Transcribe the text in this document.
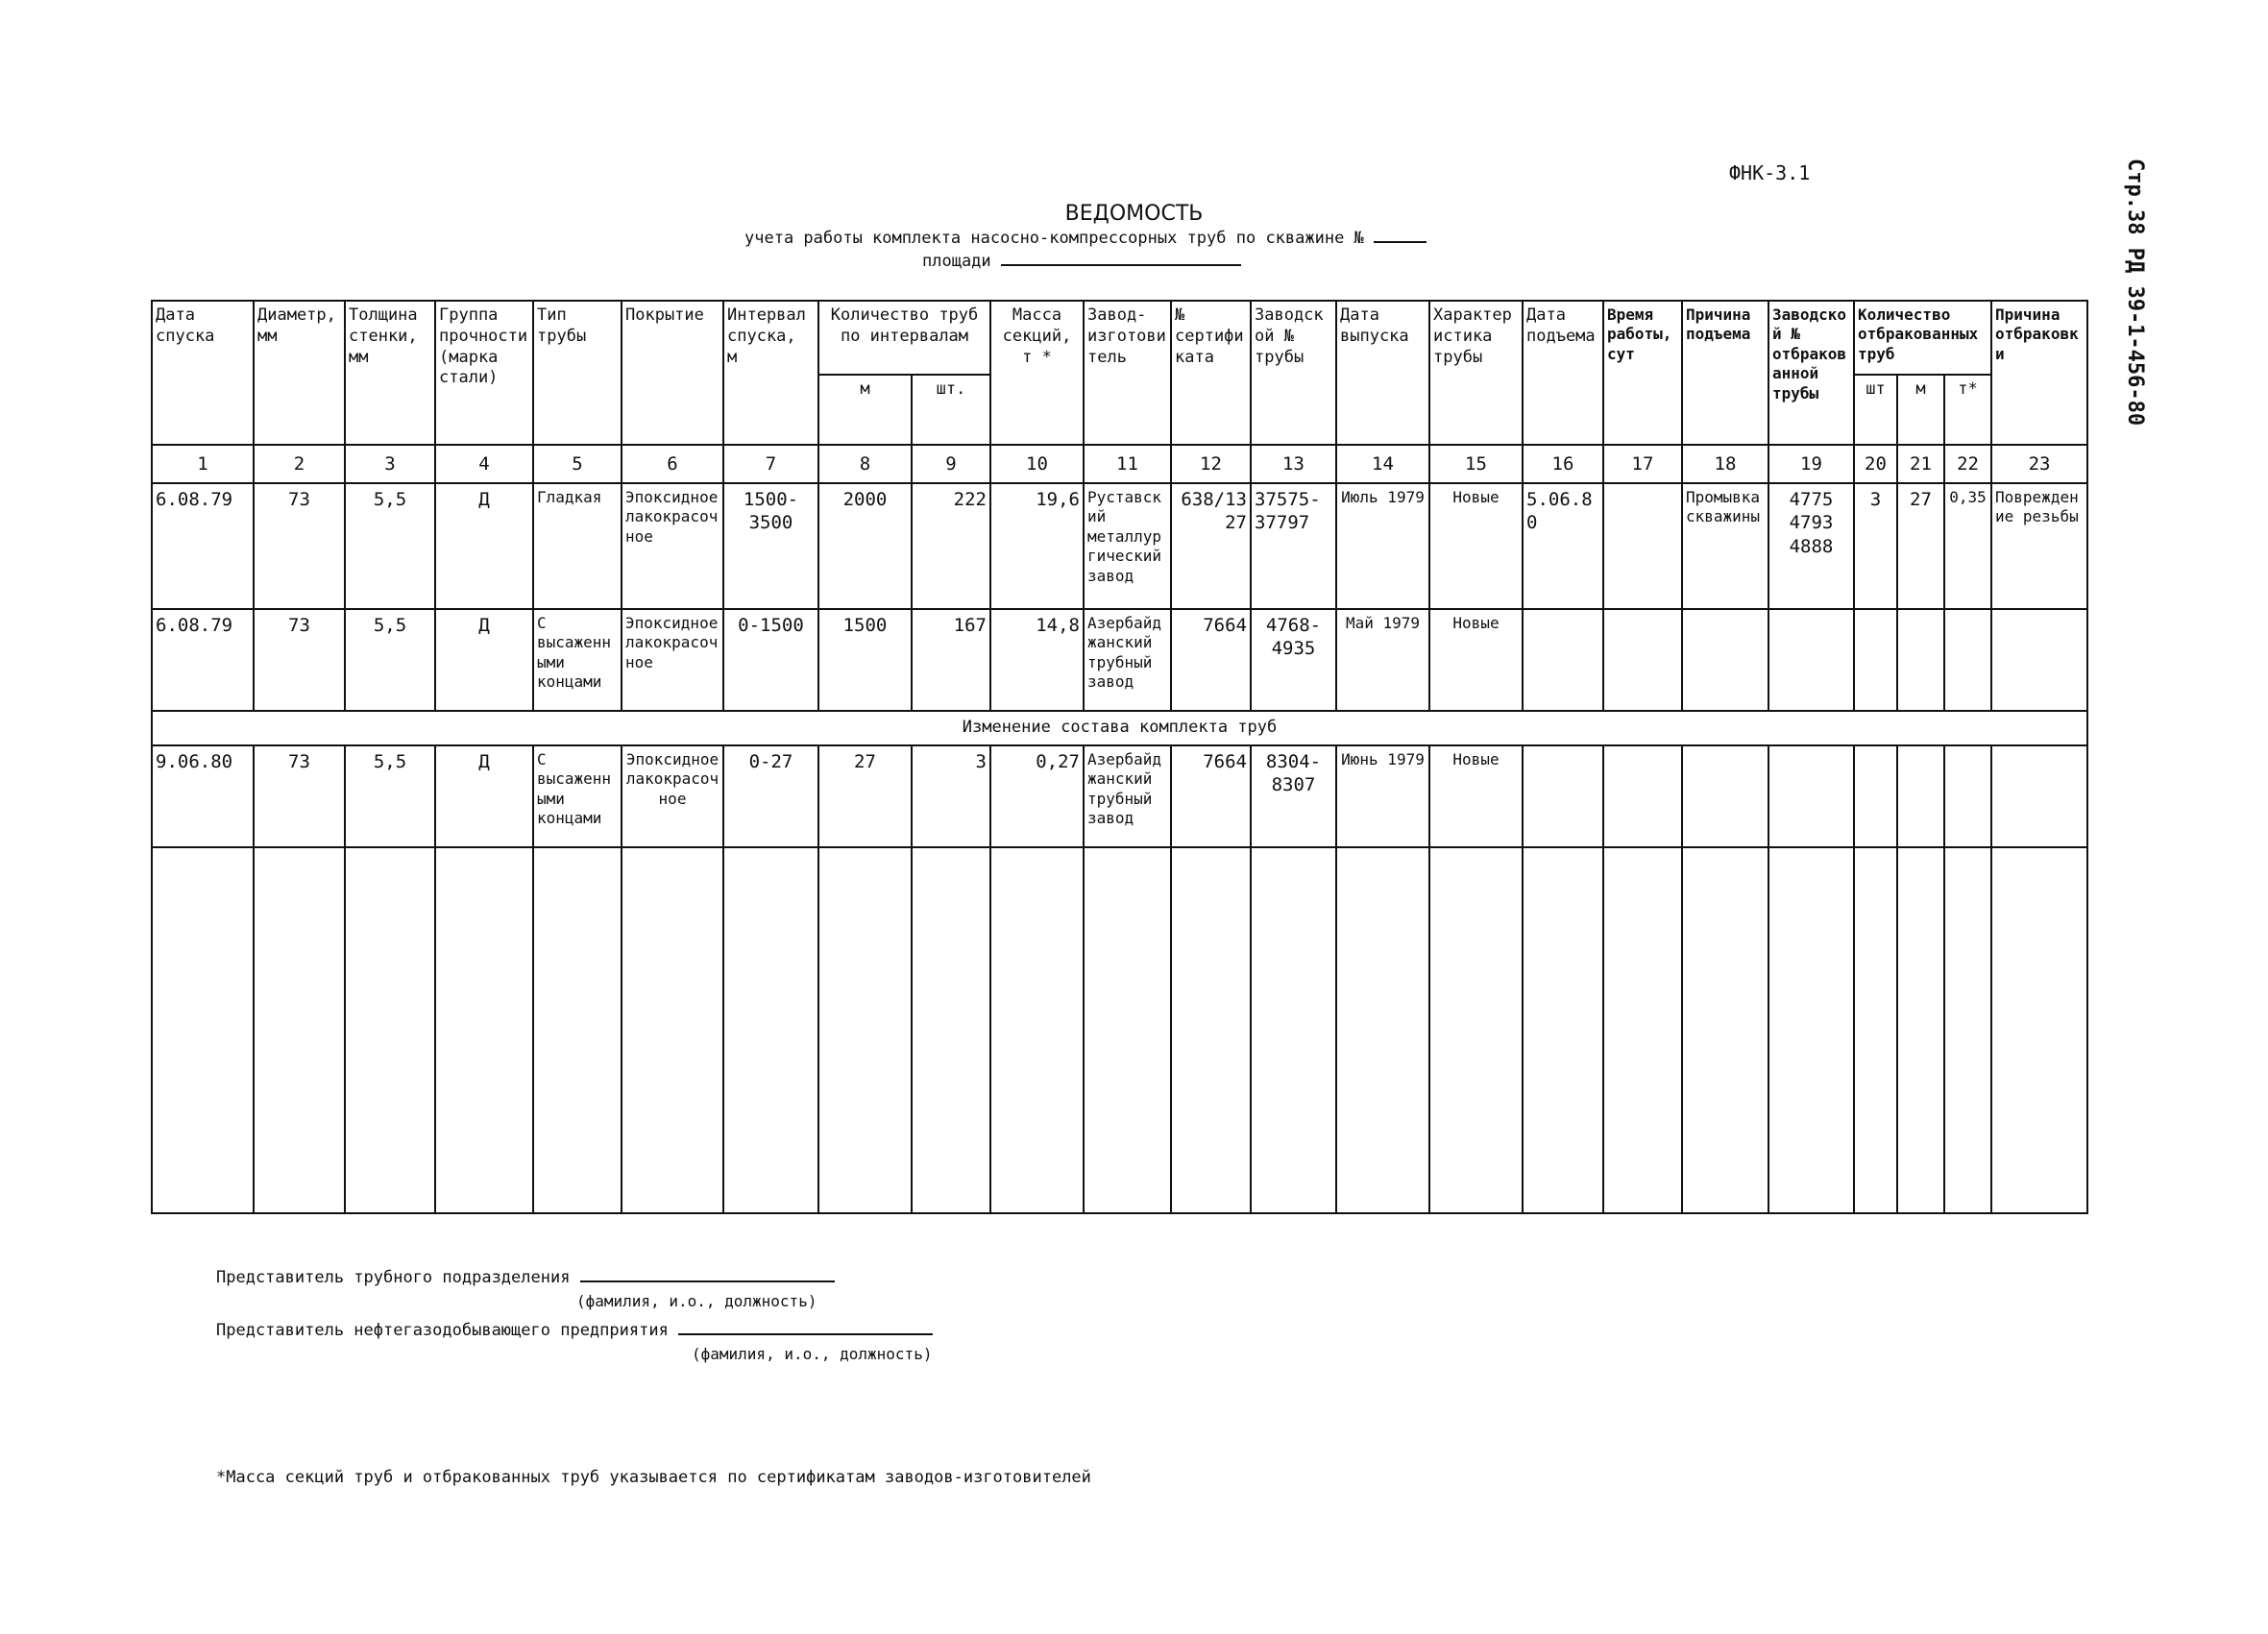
ФНК-3.1	Стр.38 РД 39-1-456-80
ВЕДОМОСТЬ
учета работы комплекта насосно-компрессорных труб по скважине №
площади
Дата спуска	Диаметр, мм	Толщина стенки, мм	Группа прочности (марка стали)	Тип трубы	Покрытие	Интервал спуска, м	Количество труб по интервалам		Масса секций, т *	Завод-изготовитель	№ сертификата	Заводской № трубы	Дата выпуска	Характеристика трубы	Дата подъема	Время работы, сут	Причина подъема	Заводской № отбракованной трубы	Количество отбракованных труб			Причина отбраковки
							м	шт.											шт	м	т*	
1	2	3	4	5	6	7	8	9	10	11	12	13	14	15	16	17	18	19	20	21	22	23
6.08.79	73	5,5	Д	Гладкая	Эпоксидное лакокрасочное	1500-3500	2000	222	19,6	Руставский металлургический завод	638/1327	37575-37797	Июль 1979	Новые	5.06.80		Промывка скважины	4775 4793 4888	3	27	0,35	Повреждение резьбы
6.08.79	73	5,5	Д	С высаженными концами	Эпоксидное лакокрасочное	0-1500	1500	167	14,8	Азербайджанский трубный завод	7664	4768-4935	Май 1979	Новые								
Изменение состава комплекта труб																						
9.06.80	73	5,5	Д	С высаженными концами	Эпоксидное лакокрасочное	0-27	27	3	0,27	Азербайджанский трубный завод	7664	8304-8307	Июнь 1979	Новые								

Представитель трубного подразделения
(фамилия, и.о., должность)
Представитель нефтегазодобывающего предприятия
(фамилия, и.о., должность)
*Масса секций труб и отбракованных труб указывается по сертификатам заводов-изготовителей
